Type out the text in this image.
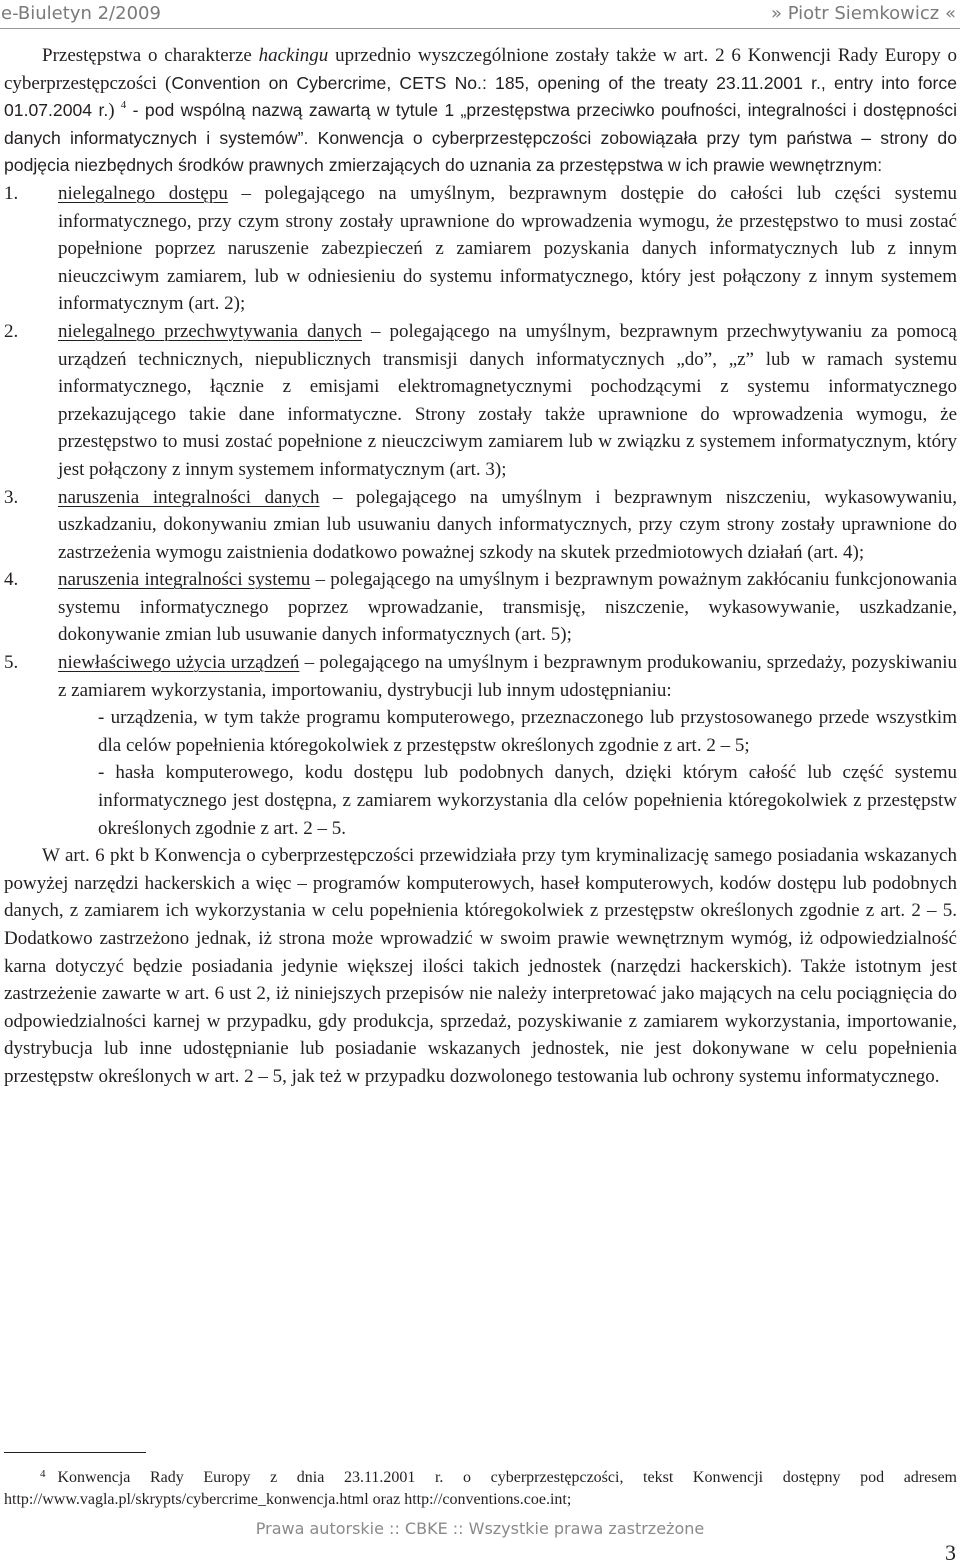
e-Biuletyn 2/2009	» Piotr Siemkowicz «

Przestępstwa o charakterze hackingu uprzednio wyszczególnione zostały także w art. 2 6 Konwencji Rady Europy o cyberprzestępczości (Convention on Cybercrime, CETS No.: 185, opening of the treaty 23.11.2001 r., entry into force 01.07.2004 r.) $^4$ - pod wspólną nazwą zawartą w tytule 1 „przestępstwa przeciwko poufności, integralności i dostępności danych informatycznych i systemów”. Konwencja o cyberprzestępczości zobowiązała przy tym państwa – strony do podjęcia niezbędnych środków prawnych zmierzających do uznania za przestępstwa w ich prawie wewnętrznym:

1. nielegalnego dostępu – polegającego na umyślnym, bezprawnym dostępie do całości lub części systemu informatycznego, przy czym strony zostały uprawnione do wprowadzenia wymogu, że przestępstwo to musi zostać popełnione poprzez naruszenie zabezpieczeń z zamiarem pozyskania danych informatycznych lub z innym nieuczciwym zamiarem, lub w odniesieniu do systemu informatycznego, który jest połączony z innym systemem informatycznym (art. 2);
2. nielegalnego przechwytywania danych – polegającego na umyślnym, bezprawnym przechwytywaniu za pomocą urządzeń technicznych, niepublicznych transmisji danych informatycznych „do”, „z” lub w ramach systemu informatycznego, łącznie z emisjami elektromagnetycznymi pochodzącymi z systemu informatycznego przekazującego takie dane informatyczne. Strony zostały także uprawnione do wprowadzenia wymogu, że przestępstwo to musi zostać popełnione z nieuczciwym zamiarem lub w związku z systemem informatycznym, który jest połączony z innym systemem informatycznym (art. 3);
3. naruszenia integralności danych – polegającego na umyślnym i bezprawnym niszczeniu, wykasowywaniu, uszkadzaniu, dokonywaniu zmian lub usuwaniu danych informatycznych, przy czym strony zostały uprawnione do zastrzeżenia wymogu zaistnienia dodatkowo poważnej szkody na skutek przedmiotowych działań (art. 4);
4. naruszenia integralności systemu – polegającego na umyślnym i bezprawnym poważnym zakłócaniu funkcjonowania systemu informatycznego poprzez wprowadzanie, transmisję, niszczenie, wykasowywanie, uszkadzanie, dokonywanie zmian lub usuwanie danych informatycznych (art. 5);
5. niewłaściwego użycia urządzeń – polegającego na umyślnym i bezprawnym produkowaniu, sprzedaży, pozyskiwaniu z zamiarem wykorzystania, importowaniu, dystrybucji lub innym udostępnianiu:
- urządzenia, w tym także programu komputerowego, przeznaczonego lub przystosowanego przede wszystkim dla celów popełnienia któregokolwiek z przestępstw określonych zgodnie z art. 2 – 5;
- hasła komputerowego, kodu dostępu lub podobnych danych, dzięki którym całość lub część systemu informatycznego jest dostępna, z zamiarem wykorzystania dla celów popełnienia któregokolwiek z przestępstw określonych zgodnie z art. 2 – 5.

W art. 6 pkt b Konwencja o cyberprzestępczości przewidziała przy tym kryminalizację samego posiadania wskazanych powyżej narzędzi hackerskich a więc – programów komputerowych, haseł komputerowych, kodów dostępu lub podobnych danych, z zamiarem ich wykorzystania w celu popełnienia któregokolwiek z przestępstw określonych zgodnie z art. 2 – 5. Dodatkowo zastrzeżono jednak, iż strona może wprowadzić w swoim prawie wewnętrznym wymóg, iż odpowiedzialność karna dotyczyć będzie posiadania jedynie większej ilości takich jednostek (narzędzi hackerskich). Także istotnym jest zastrzeżenie zawarte w art. 6 ust 2, iż niniejszych przepisów nie należy interpretować jako mających na celu pociągnięcia do odpowiedzialności karnej w przypadku, gdy produkcja, sprzedaż, pozyskiwanie z zamiarem wykorzystania, importowanie, dystrybucja lub inne udostępnianie lub posiadanie wskazanych jednostek, nie jest dokonywane w celu popełnienia przestępstw określonych w art. 2 – 5, jak też w przypadku dozwolonego testowania lub ochrony systemu informatycznego.

$^4$ Konwencja Rady Europy z dnia 23.11.2001 r. o cyberprzestępczości, tekst Konwencji dostępny pod adresem http://www.vagla.pl/skrypts/cybercrime_konwencja.html oraz http://conventions.coe.int;
Prawa autorskie :: CBKE :: Wszystkie prawa zastrzeżone
3
